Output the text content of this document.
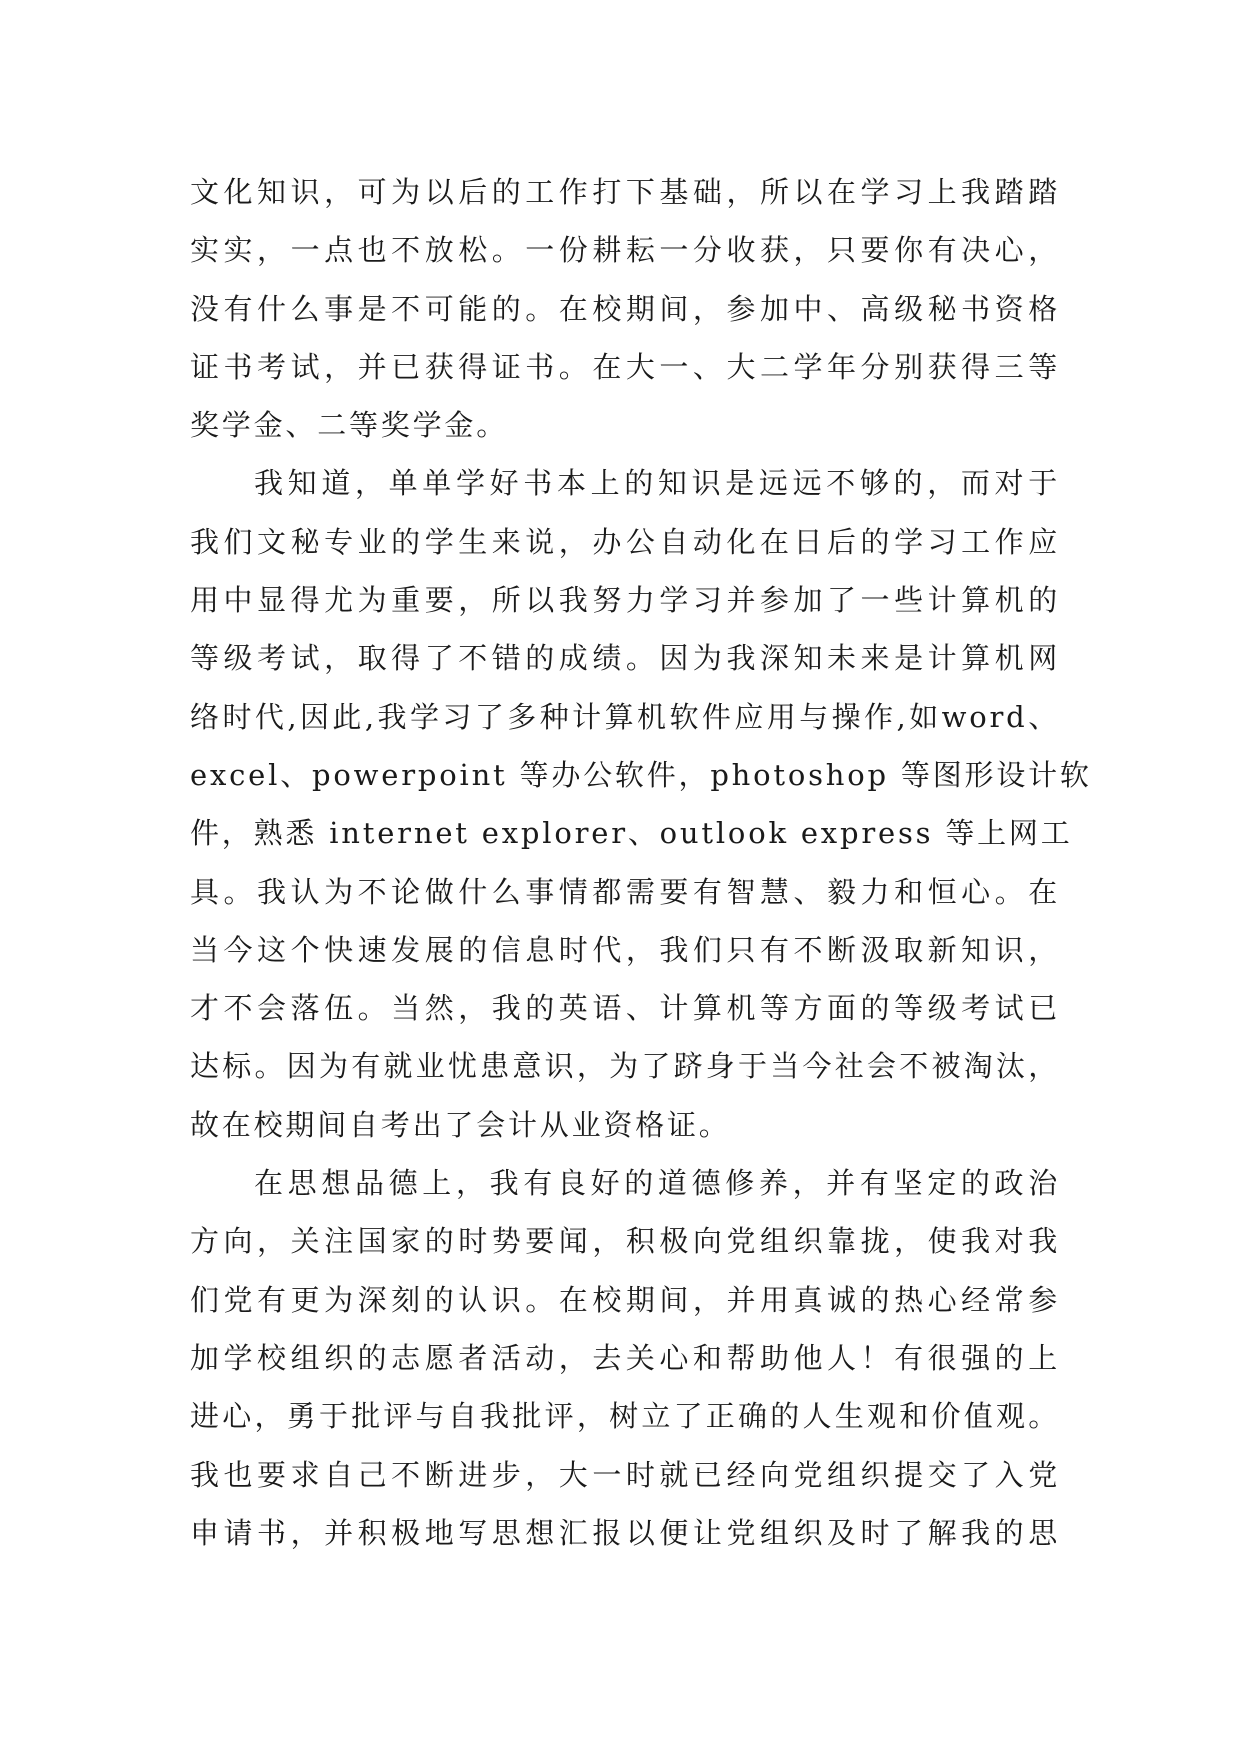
文化知识，可为以后的工作打下基础，所以在学习上我踏踏
实实，一点也不放松。一份耕耘一分收获，只要你有决心，
没有什么事是不可能的。在校期间，参加中、高级秘书资格
证书考试，并已获得证书。在大一、大二学年分别获得三等
奖学金、二等奖学金。
我知道，单单学好书本上的知识是远远不够的，而对于
我们文秘专业的学生来说，办公自动化在日后的学习工作应
用中显得尤为重要，所以我努力学习并参加了一些计算机的
等级考试，取得了不错的成绩。因为我深知未来是计算机网
络时代,因此,我学习了多种计算机软件应用与操作,如word、
excel、powerpoint 等办公软件，photoshop 等图形设计软
件，熟悉 internet explorer、outlook express 等上网工
具。我认为不论做什么事情都需要有智慧、毅力和恒心。在
当今这个快速发展的信息时代，我们只有不断汲取新知识，
才不会落伍。当然，我的英语、计算机等方面的等级考试已
达标。因为有就业忧患意识，为了跻身于当今社会不被淘汰，
故在校期间自考出了会计从业资格证。
在思想品德上，我有良好的道德修养，并有坚定的政治
方向，关注国家的时势要闻，积极向党组织靠拢，使我对我
们党有更为深刻的认识。在校期间，并用真诚的热心经常参
加学校组织的志愿者活动，去关心和帮助他人！有很强的上
进心，勇于批评与自我批评，树立了正确的人生观和价值观。
我也要求自己不断进步，大一时就已经向党组织提交了入党
申请书，并积极地写思想汇报以便让党组织及时了解我的思
